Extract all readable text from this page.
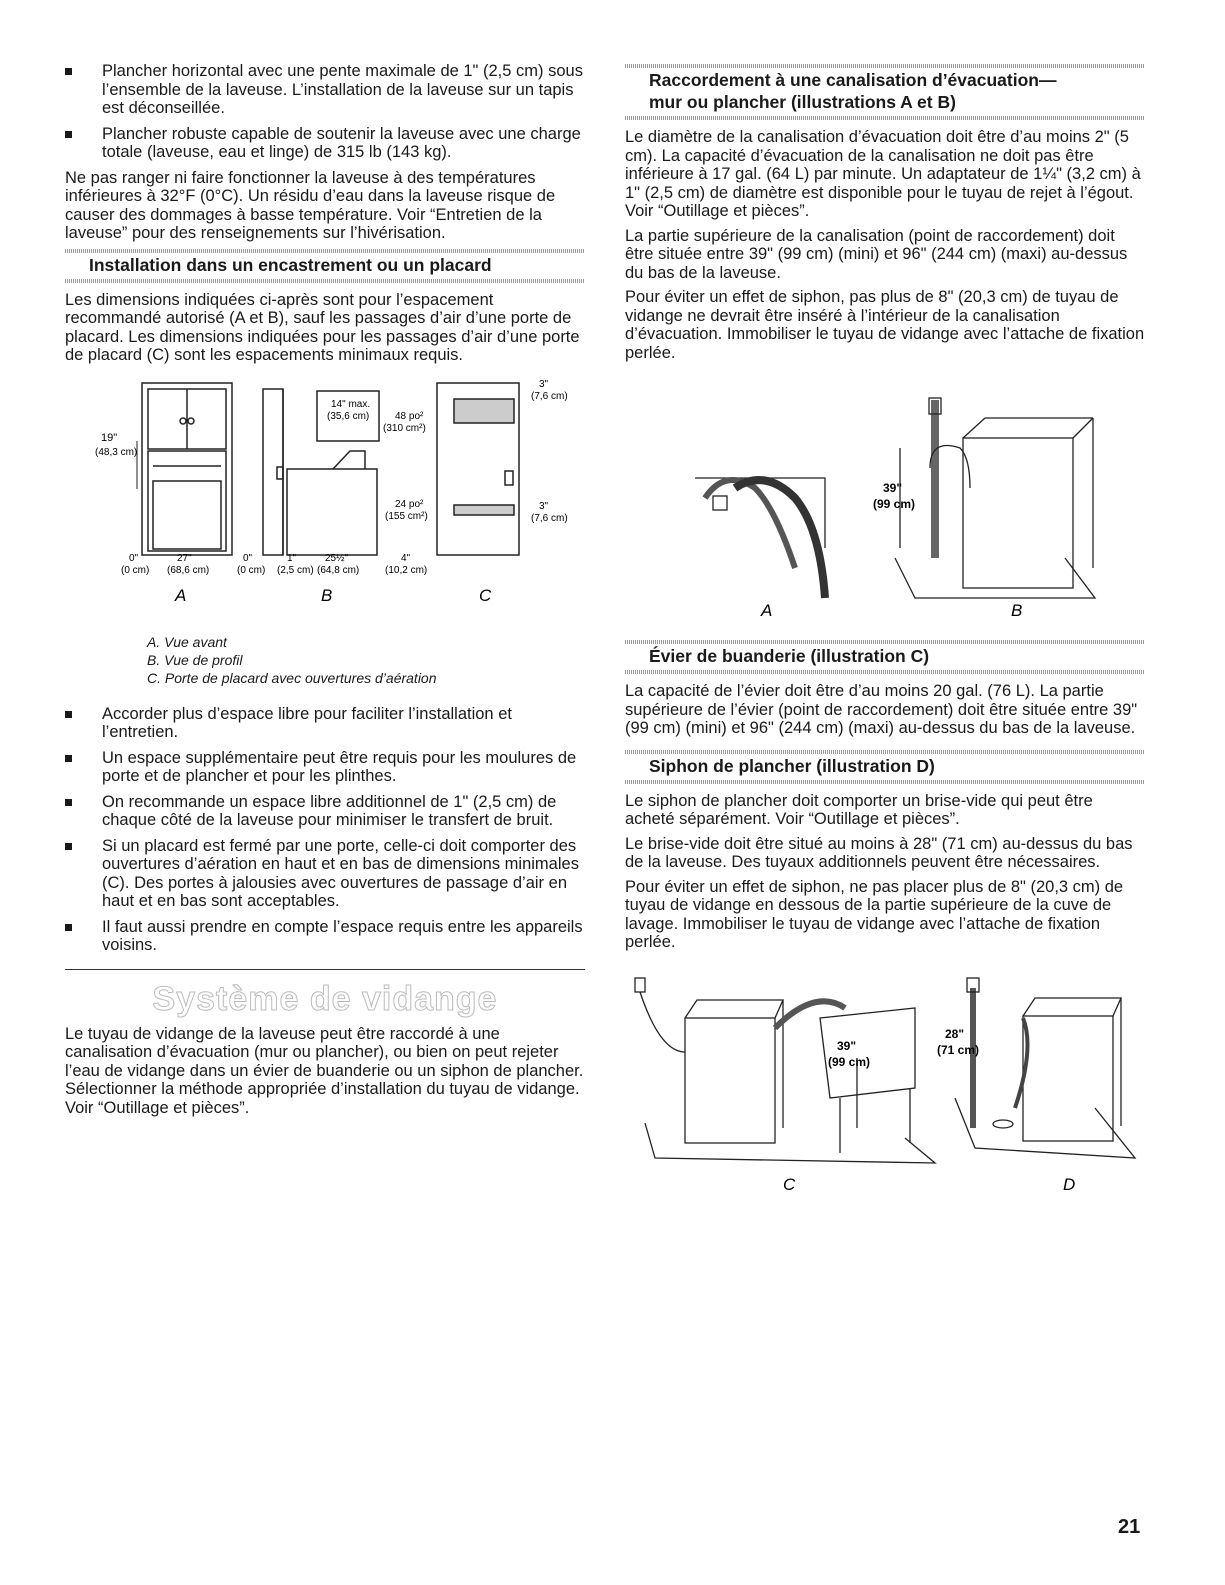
Plancher horizontal avec une pente maximale de 1" (2,5 cm) sous l’ensemble de la laveuse. L’installation de la laveuse sur un tapis est déconseillée.
Plancher robuste capable de soutenir la laveuse avec une charge totale (laveuse, eau et linge) de 315 lb (143 kg).

Ne pas ranger ni faire fonctionner la laveuse à des températures inférieures à 32°F (0°C). Un résidu d’eau dans la laveuse risque de causer des dommages à basse température. Voir “Entretien de la laveuse” pour des renseignements sur l’hivérisation.

Installation dans un encastrement ou un placard

Les dimensions indiquées ci-après sont pour l’espacement recommandé autorisé (A et B), sauf les passages d’air d’une porte de placard. Les dimensions indiquées pour les passages d’air d’une porte de placard (C) sont les espacements minimaux requis.

19"
(48,3 cm)
0"
(0 cm)
27"
(68,6 cm)
0"
(0 cm)
1"
(2,5 cm)
25½"
(64,8 cm)
4"
(10,2 cm)
14" max.
(35,6 cm)	48 po²
(310 cm²)
24 po²
(155 cm²)
3"
(7,6 cm)
3"
(7,6 cm)
A	B	C
A. Vue avant
B. Vue de profil
C. Porte de placard avec ouvertures d’aération
Accorder plus d’espace libre pour faciliter l’installation et l’entretien.
Un espace supplémentaire peut être requis pour les moulures de porte et de plancher et pour les plinthes.
On recommande un espace libre additionnel de 1" (2,5 cm) de chaque côté de la laveuse pour minimiser le transfert de bruit.
Si un placard est fermé par une porte, celle-ci doit comporter des ouvertures d’aération en haut et en bas de dimensions minimales (C). Des portes à jalousies avec ouvertures de passage d’air en haut et en bas sont acceptables.
Il faut aussi prendre en compte l’espace requis entre les appareils voisins.
Système de vidange

Le tuyau de vidange de la laveuse peut être raccordé à une canalisation d’évacuation (mur ou plancher), ou bien on peut rejeter l’eau de vidange dans un évier de buanderie ou un siphon de plancher. Sélectionner la méthode appropriée d’installation du tuyau de vidange. Voir “Outillage et pièces”.

Raccordement à une canalisation d’évacuation—
mur ou plancher (illustrations A et B)

Le diamètre de la canalisation d’évacuation doit être d’au moins 2" (5 cm). La capacité d’évacuation de la canalisation ne doit pas être inférieure à 17 gal. (64 L) par minute. Un adaptateur de 1¼" (3,2 cm) à 1" (2,5 cm) de diamètre est disponible pour le tuyau de rejet à l’égout. Voir “Outillage et pièces”.

La partie supérieure de la canalisation (point de raccordement) doit être située entre 39" (99 cm) (mini) et 96" (244 cm) (maxi) au-dessus du bas de la laveuse.

Pour éviter un effet de siphon, pas plus de 8" (20,3 cm) de tuyau de vidange ne devrait être inséré à l’intérieur de la canalisation d’évacuation. Immobiliser le tuyau de vidange avec l’attache de fixation perlée.

39"
(99 cm)
A	B
Évier de buanderie (illustration C)

La capacité de l’évier doit être d’au moins 20 gal. (76 L). La partie supérieure de l’évier (point de raccordement) doit être située entre 39" (99 cm) (mini) et 96" (244 cm) (maxi) au-dessus du bas de la laveuse.

Siphon de plancher (illustration D)

Le siphon de plancher doit comporter un brise-vide qui peut être acheté séparément. Voir “Outillage et pièces”.

Le brise-vide doit être situé au moins à 28" (71 cm) au-dessus du bas de la laveuse. Des tuyaux additionnels peuvent être nécessaires.

Pour éviter un effet de siphon, ne pas placer plus de 8" (20,3 cm) de tuyau de vidange en dessous de la partie supérieure de la cuve de lavage. Immobiliser le tuyau de vidange avec l’attache de fixation perlée.

39"
(99 cm)
28"
(71 cm)
C	D
21
